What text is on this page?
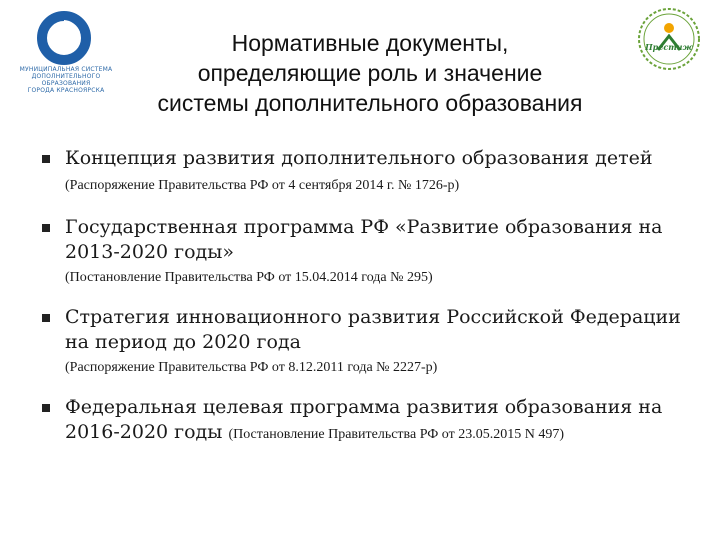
МУНИЦИПАЛЬНАЯ СИСТЕМА
ДОПОЛНИТЕЛЬНОГО ОБРАЗОВАНИЯ
ГОРОДА КРАСНОЯРСКА
Престиж
Нормативные документы,
определяющие роль и значение
системы дополнительного образования
Концепция развития дополнительного образования детей (Распоряжение Правительства РФ от 4 сентября 2014 г. № 1726-р)
Государственная программа РФ «Развитие образования на 2013-2020 годы»
(Постановление Правительства РФ от 15.04.2014 года № 295)
Стратегия инновационного развития Российской Федерации на период до 2020 года
(Распоряжение Правительства РФ от 8.12.2011 года № 2227-р)
Федеральная целевая программа развития образования на 2016-2020 годы (Постановление Правительства РФ от 23.05.2015 N 497)
